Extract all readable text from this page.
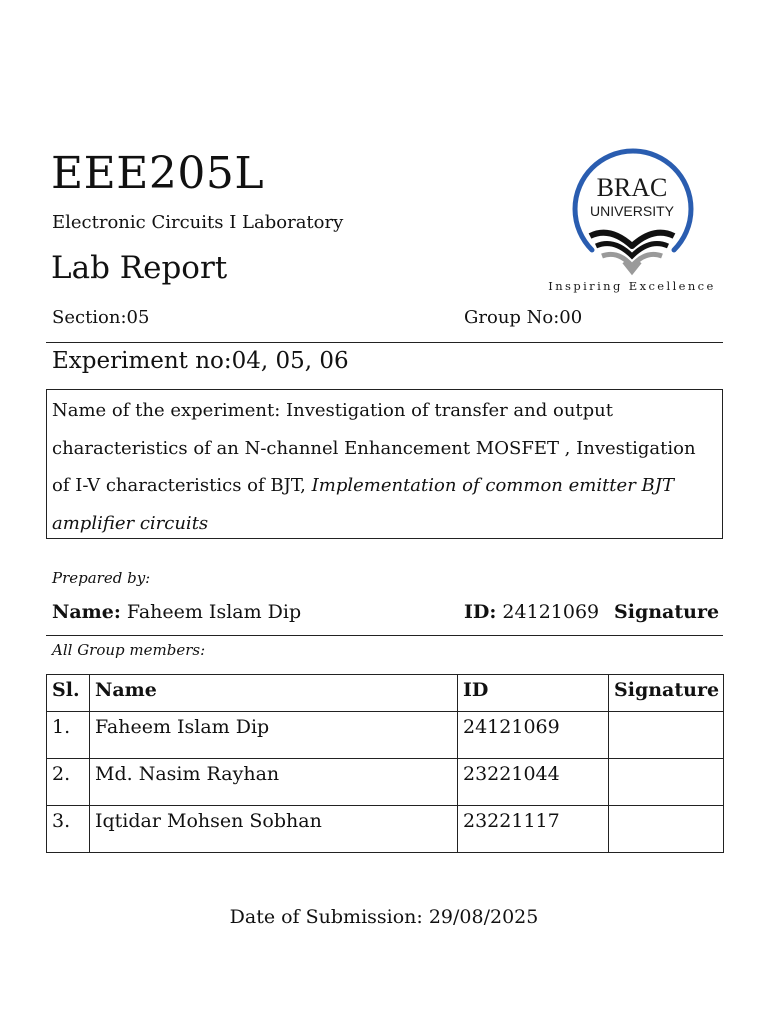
EEE205L
Electronic Circuits I Laboratory
Lab Report
BRAC
UNIVERSITY
Inspiring Excellence
Section:05	Group No:00
Experiment no:04, 05, 06
Name of the experiment: Investigation of transfer and output characteristics of an N-channel Enhancement MOSFET , Investigation of I-V characteristics of BJT, Implementation of common emitter BJT amplifier circuits
Prepared by:
Name: Faheem Islam Dip	ID: 24121069 Signature
All Group members:
Sl.	Name	ID	Signature
1.	Faheem Islam Dip	24121069	
2.	Md. Nasim Rayhan	23221044	
3.	Iqtidar Mohsen Sobhan	23221117	
Date of Submission: 29/08/2025
